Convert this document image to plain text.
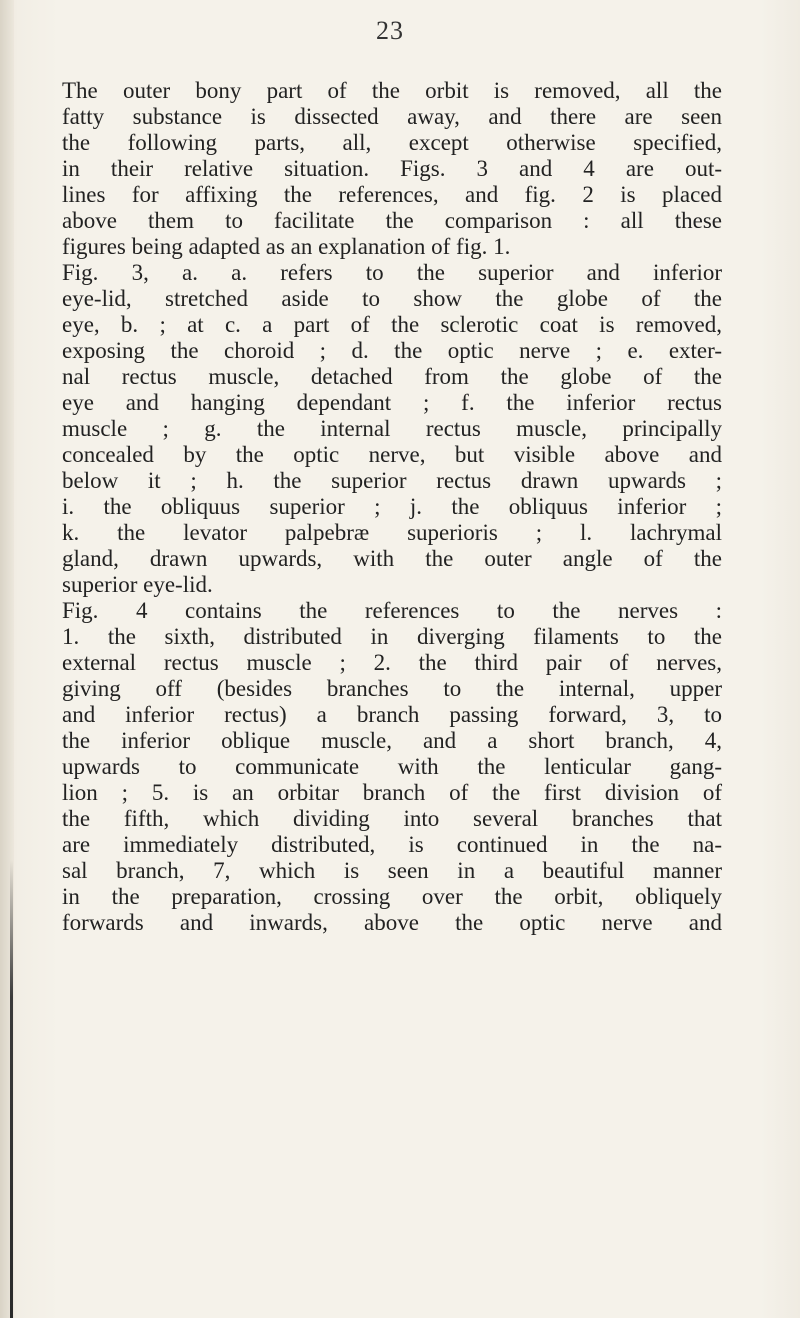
23
The outer bony part of the orbit is removed, all the
fatty substance is dissected away, and there are seen
the following parts, all, except otherwise specified,
in their relative situation. Figs. 3 and 4 are out-
lines for affixing the references, and fig. 2 is placed
above them to facilitate the comparison : all these
figures being adapted as an explanation of fig. 1.
Fig. 3, a. a. refers to the superior and inferior
eye-lid, stretched aside to show the globe of the
eye, b. ; at c. a part of the sclerotic coat is removed,
exposing the choroid ; d. the optic nerve ; e. exter-
nal rectus muscle, detached from the globe of the
eye and hanging dependant ; f. the inferior rectus
muscle ; g. the internal rectus muscle, principally
concealed by the optic nerve, but visible above and
below it ; h. the superior rectus drawn upwards ;
i. the obliquus superior ; j. the obliquus inferior ;
k. the levator palpebræ superioris ; l. lachrymal
gland, drawn upwards, with the outer angle of the
superior eye-lid.
Fig. 4 contains the references to the nerves :
1. the sixth, distributed in diverging filaments to the
external rectus muscle ; 2. the third pair of nerves,
giving off (besides branches to the internal, upper
and inferior rectus) a branch passing forward, 3, to
the inferior oblique muscle, and a short branch, 4,
upwards to communicate with the lenticular gang-
lion ; 5. is an orbitar branch of the first division of
the fifth, which dividing into several branches that
are immediately distributed, is continued in the na-
sal branch, 7, which is seen in a beautiful manner
in the preparation, crossing over the orbit, obliquely
forwards and inwards, above the optic nerve and
